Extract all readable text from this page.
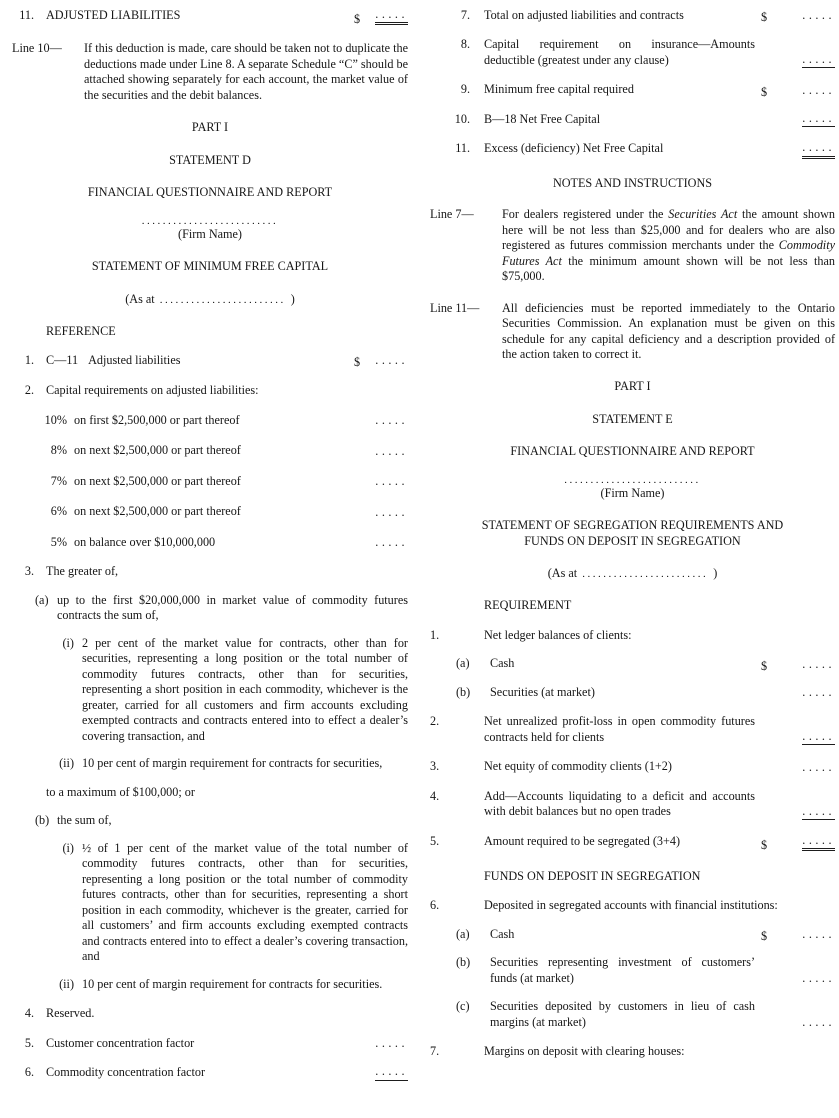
11. ADJUSTED LIABILITIES	$ .....
Line 10—	If this deduction is made, care should be taken not to duplicate the deductions made under Line 8. A separate Schedule “C” should be attached showing separately for each account, the market value of the securities and the debit balances.

PART I
STATEMENT D
FINANCIAL QUESTIONNAIRE AND REPORT
..........................
(Firm Name)
STATEMENT OF MINIMUM FREE CAPITAL
(As at ........................ )
REFERENCE
1. C—11 Adjusted liabilities	$ .....
2. Capital requirements on adjusted liabilities:

10% on first $2,500,000 or part thereof	.....
8% on next $2,500,000 or part thereof	.....
7% on next $2,500,000 or part thereof	.....
6% on next $2,500,000 or part thereof	.....
5% on balance over $10,000,000	.....
3. The greater of,

(a) up to the first $20,000,000 in market value of commodity futures contracts the sum of,

(i) 2 per cent of the market value for contracts, other than for securities, representing a long position or the total number of commodity futures contracts, other than for securities, representing a short position in each commodity, whichever is the greater, carried for all customers and firm accounts excluding exempted contracts and contracts entered into to effect a dealer’s covering transaction, and

(ii) 10 per cent of margin requirement for contracts for securities,

to a maximum of $100,000; or

(b) the sum of,

(i) ½ of 1 per cent of the market value of the total number of commodity futures contracts, other than for securities, representing a long position or the total number of commodity futures contracts, other than for securities, representing a short position in each commodity, whichever is the greater, carried for all customers’ and firm accounts excluding exempted contracts and contracts entered into to effect a dealer’s covering transaction, and

(ii) 10 per cent of margin requirement for contracts for securities.

4. Reserved.

5. Customer concentration factor	.....
6. Commodity concentration factor	.....
7. Total on adjusted liabilities and contracts	$	.....
8. Capital requirement on insurance—Amounts deductible (greatest under any clause)	.....
9. Minimum free capital required	$	.....
10. B—18 Net Free Capital	.....
11. Excess (deficiency) Net Free Capital	.....
NOTES AND INSTRUCTIONS
Line 7—	For dealers registered under the Securities Act the amount shown here will be not less than $25,000 and for dealers who are also registered as futures commission merchants under the Commodity Futures Act the minimum amount shown will be not less than $75,000.

Line 11—	All deficiencies must be reported immediately to the Ontario Securities Commission. An explanation must be given on this schedule for any capital deficiency and a description provided of the action taken to correct it.

PART I
STATEMENT E
FINANCIAL QUESTIONNAIRE AND REPORT
..........................
(Firm Name)
STATEMENT OF SEGREGATION REQUIREMENTS AND
FUNDS ON DEPOSIT IN SEGREGATION
(As at ........................ )
REQUIREMENT
1.	Net ledger balances of clients:

(a)	Cash	$	.....
(b)	Securities (at market)	.....
2.	Net unrealized profit-loss in open commodity futures contracts held for clients	.....
3.	Net equity of commodity clients (1+2)	.....
4.	Add—Accounts liquidating to a deficit and accounts with debit balances but no open trades	.....
5.	Amount required to be segregated (3+4)	$	.....
FUNDS ON DEPOSIT IN SEGREGATION
6.	Deposited in segregated accounts with financial institutions:

(a)	Cash	$	.....
(b)	Securities representing investment of customers’ funds (at market)	.....
(c)	Securities deposited by customers in lieu of cash margins (at market)	.....
7.	Margins on deposit with clearing houses:
